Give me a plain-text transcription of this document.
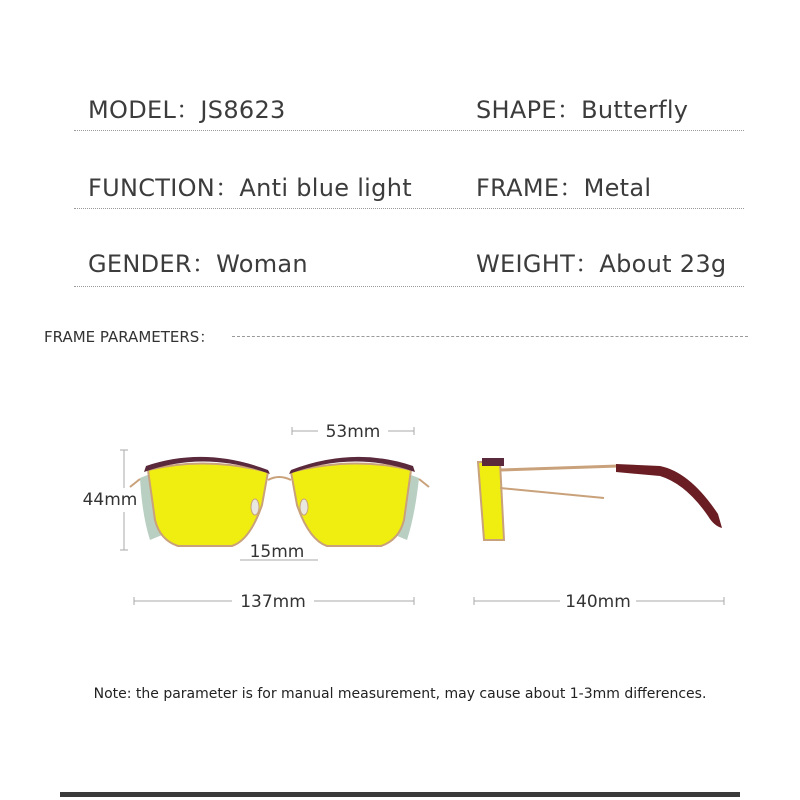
MODEL：JS8623	SHAPE：Butterfly
FUNCTION：Anti blue light	FRAME：Metal
GENDER：Woman	WEIGHT：About 23g
FRAME PARAMETERS：
53mm
44mm
15mm
137mm	140mm
Note: the parameter is for manual measurement, may cause about 1-3mm differences.
